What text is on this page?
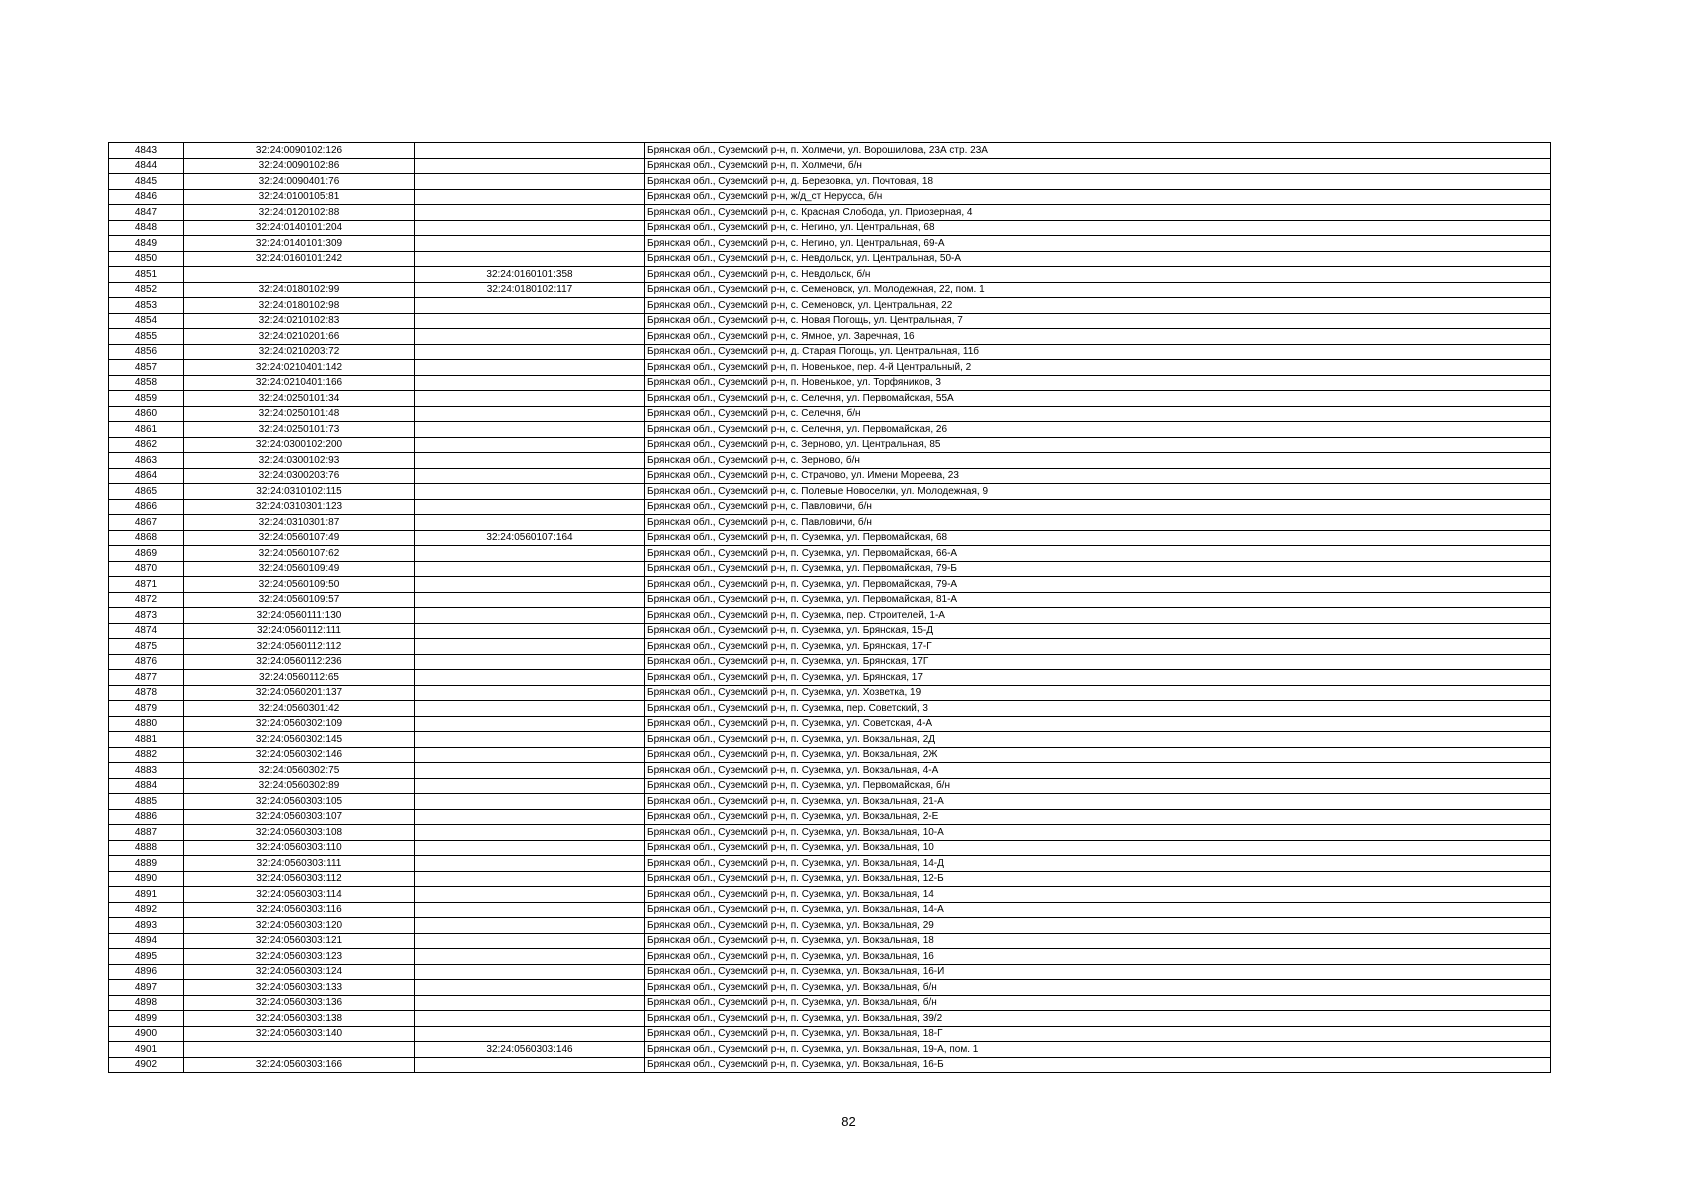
4843	32:24:0090102:126		Брянская обл., Суземский р-н, п. Холмечи, ул. Ворошилова, 23А стр. 23А
4844	32:24:0090102:86		Брянская обл., Суземский р-н, п. Холмечи, б/н
4845	32:24:0090401:76		Брянская обл., Суземский р-н, д. Березовка, ул. Почтовая, 18
4846	32:24:0100105:81		Брянская обл., Суземский р-н, ж/д_ст Нерусса, б/н
4847	32:24:0120102:88		Брянская обл., Суземский р-н, с. Красная Слобода, ул. Приозерная, 4
4848	32:24:0140101:204		Брянская обл., Суземский р-н, с. Негино, ул. Центральная, 68
4849	32:24:0140101:309		Брянская обл., Суземский р-н, с. Негино, ул. Центральная, 69-А
4850	32:24:0160101:242		Брянская обл., Суземский р-н, с. Невдольск, ул. Центральная, 50-А
4851		32:24:0160101:358	Брянская обл., Суземский р-н, с. Невдольск, б/н
4852	32:24:0180102:99	32:24:0180102:117	Брянская обл., Суземский р-н, с. Семеновск, ул. Молодежная, 22, пом. 1
4853	32:24:0180102:98		Брянская обл., Суземский р-н, с. Семеновск, ул. Центральная, 22
4854	32:24:0210102:83		Брянская обл., Суземский р-н, с. Новая Погощь, ул. Центральная, 7
4855	32:24:0210201:66		Брянская обл., Суземский р-н, с. Ямное, ул. Заречная, 16
4856	32:24:0210203:72		Брянская обл., Суземский р-н, д. Старая Погощь, ул. Центральная, 11б
4857	32:24:0210401:142		Брянская обл., Суземский р-н, п. Новенькое, пер. 4-й Центральный, 2
4858	32:24:0210401:166		Брянская обл., Суземский р-н, п. Новенькое, ул. Торфяников, 3
4859	32:24:0250101:34		Брянская обл., Суземский р-н, с. Селечня, ул. Первомайская, 55А
4860	32:24:0250101:48		Брянская обл., Суземский р-н, с. Селечня, б/н
4861	32:24:0250101:73		Брянская обл., Суземский р-н, с. Селечня, ул. Первомайская, 26
4862	32:24:0300102:200		Брянская обл., Суземский р-н, с. Зерново, ул. Центральная, 85
4863	32:24:0300102:93		Брянская обл., Суземский р-н, с. Зерново, б/н
4864	32:24:0300203:76		Брянская обл., Суземский р-н, с. Страчово, ул. Имени Мореева, 23
4865	32:24:0310102:115		Брянская обл., Суземский р-н, с. Полевые Новоселки, ул. Молодежная, 9
4866	32:24:0310301:123		Брянская обл., Суземский р-н, с. Павловичи, б/н
4867	32:24:0310301:87		Брянская обл., Суземский р-н, с. Павловичи, б/н
4868	32:24:0560107:49	32:24:0560107:164	Брянская обл., Суземский р-н, п. Суземка, ул. Первомайская, 68
4869	32:24:0560107:62		Брянская обл., Суземский р-н, п. Суземка, ул. Первомайская, 66-А
4870	32:24:0560109:49		Брянская обл., Суземский р-н, п. Суземка, ул. Первомайская, 79-Б
4871	32:24:0560109:50		Брянская обл., Суземский р-н, п. Суземка, ул. Первомайская, 79-А
4872	32:24:0560109:57		Брянская обл., Суземский р-н, п. Суземка, ул. Первомайская, 81-А
4873	32:24:0560111:130		Брянская обл., Суземский р-н, п. Суземка, пер. Строителей, 1-А
4874	32:24:0560112:111		Брянская обл., Суземский р-н, п. Суземка, ул. Брянская, 15-Д
4875	32:24:0560112:112		Брянская обл., Суземский р-н, п. Суземка, ул. Брянская, 17-Г
4876	32:24:0560112:236		Брянская обл., Суземский р-н, п. Суземка, ул. Брянская, 17Г
4877	32:24:0560112:65		Брянская обл., Суземский р-н, п. Суземка, ул. Брянская, 17
4878	32:24:0560201:137		Брянская обл., Суземский р-н, п. Суземка, ул. Хозветка, 19
4879	32:24:0560301:42		Брянская обл., Суземский р-н, п. Суземка, пер. Советский, 3
4880	32:24:0560302:109		Брянская обл., Суземский р-н, п. Суземка, ул. Советская, 4-А
4881	32:24:0560302:145		Брянская обл., Суземский р-н, п. Суземка, ул. Вокзальная, 2Д
4882	32:24:0560302:146		Брянская обл., Суземский р-н, п. Суземка, ул. Вокзальная, 2Ж
4883	32:24:0560302:75		Брянская обл., Суземский р-н, п. Суземка, ул. Вокзальная, 4-А
4884	32:24:0560302:89		Брянская обл., Суземский р-н, п. Суземка, ул. Первомайская, б/н
4885	32:24:0560303:105		Брянская обл., Суземский р-н, п. Суземка, ул. Вокзальная, 21-А
4886	32:24:0560303:107		Брянская обл., Суземский р-н, п. Суземка, ул. Вокзальная, 2-Е
4887	32:24:0560303:108		Брянская обл., Суземский р-н, п. Суземка, ул. Вокзальная, 10-А
4888	32:24:0560303:110		Брянская обл., Суземский р-н, п. Суземка, ул. Вокзальная, 10
4889	32:24:0560303:111		Брянская обл., Суземский р-н, п. Суземка, ул. Вокзальная, 14-Д
4890	32:24:0560303:112		Брянская обл., Суземский р-н, п. Суземка, ул. Вокзальная, 12-Б
4891	32:24:0560303:114		Брянская обл., Суземский р-н, п. Суземка, ул. Вокзальная, 14
4892	32:24:0560303:116		Брянская обл., Суземский р-н, п. Суземка, ул. Вокзальная, 14-А
4893	32:24:0560303:120		Брянская обл., Суземский р-н, п. Суземка, ул. Вокзальная, 29
4894	32:24:0560303:121		Брянская обл., Суземский р-н, п. Суземка, ул. Вокзальная, 18
4895	32:24:0560303:123		Брянская обл., Суземский р-н, п. Суземка, ул. Вокзальная, 16
4896	32:24:0560303:124		Брянская обл., Суземский р-н, п. Суземка, ул. Вокзальная, 16-И
4897	32:24:0560303:133		Брянская обл., Суземский р-н, п. Суземка, ул. Вокзальная, б/н
4898	32:24:0560303:136		Брянская обл., Суземский р-н, п. Суземка, ул. Вокзальная, б/н
4899	32:24:0560303:138		Брянская обл., Суземский р-н, п. Суземка, ул. Вокзальная, 39/2
4900	32:24:0560303:140		Брянская обл., Суземский р-н, п. Суземка, ул. Вокзальная, 18-Г
4901		32:24:0560303:146	Брянская обл., Суземский р-н, п. Суземка, ул. Вокзальная, 19-А, пом. 1
4902	32:24:0560303:166		Брянская обл., Суземский р-н, п. Суземка, ул. Вокзальная, 16-Б
82
